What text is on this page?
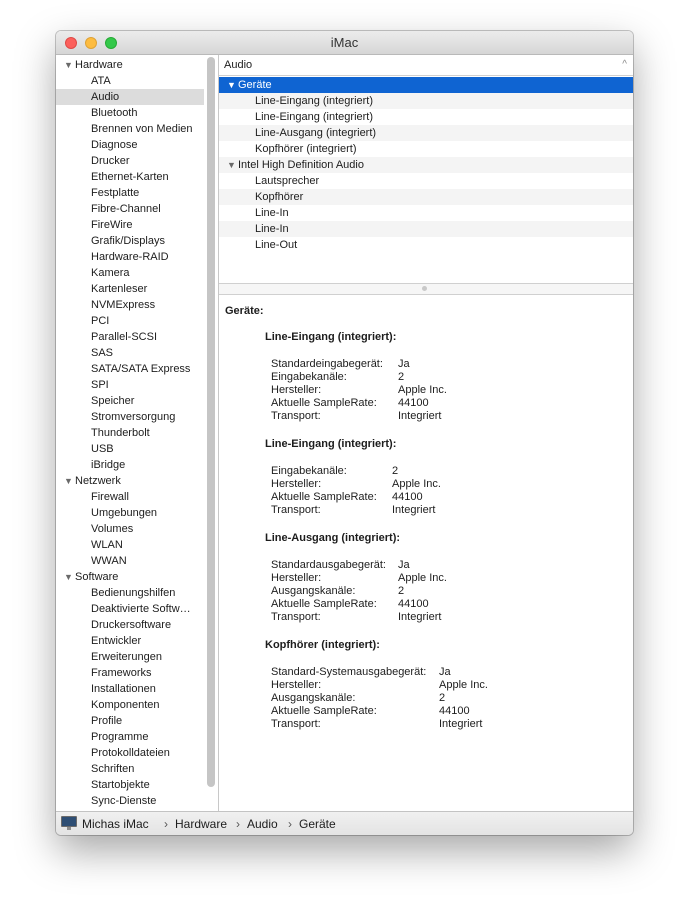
iMac
Sync-Dienste
Startobjekte
Schriften
Protokolldateien
Programme
Profile
Komponenten
Installationen
Frameworks
Erweiterungen
Entwickler
Druckersoftware
Deaktivierte Softw…
Bedienungshilfen
▼ Software
WWAN
WLAN
Volumes
Umgebungen
Firewall
▼ Netzwerk
iBridge
USB
Thunderbolt
Stromversorgung
Speicher
SPI
SATA/SATA Express
SAS
Parallel-SCSI
PCI
NVMExpress
Kartenleser
Kamera
Hardware-RAID
Grafik/Displays
FireWire
Fibre-Channel
Festplatte
Ethernet-Karten
Drucker
Diagnose
Brennen von Medien
Bluetooth
Audio
ATA
▼ Hardware	Audio	^
▼ Geräte
Line-Eingang (integriert)
Line-Eingang (integriert)
Line-Ausgang (integriert)
Kopfhörer (integriert)
▼ Intel High Definition Audio
Lautsprecher
Kopfhörer
Line-In
Line-In
Line-Out
Geräte:
Line-Eingang (integriert):
Standardeingabegerät: Ja
Eingabekanäle:	2
Hersteller:	Apple Inc.
Aktuelle SampleRate: 44100
Transport:	Integriert
Line-Eingang (integriert):
Eingabekanäle:	2
Hersteller:	Apple Inc.
Aktuelle SampleRate: 44100
Transport:	Integriert
Line-Ausgang (integriert):
Standardausgabegerät: Ja
Hersteller:	Apple Inc.
Ausgangskanäle:	2
Aktuelle SampleRate: 44100
Transport:	Integriert
Kopfhörer (integriert):
Standard-Systemausgabegerät: Ja
Hersteller:	Apple Inc.
Ausgangskanäle:	2
Aktuelle SampleRate:	44100
Transport:	Integriert
Michas iMac › Hardware › Audio › Geräte
